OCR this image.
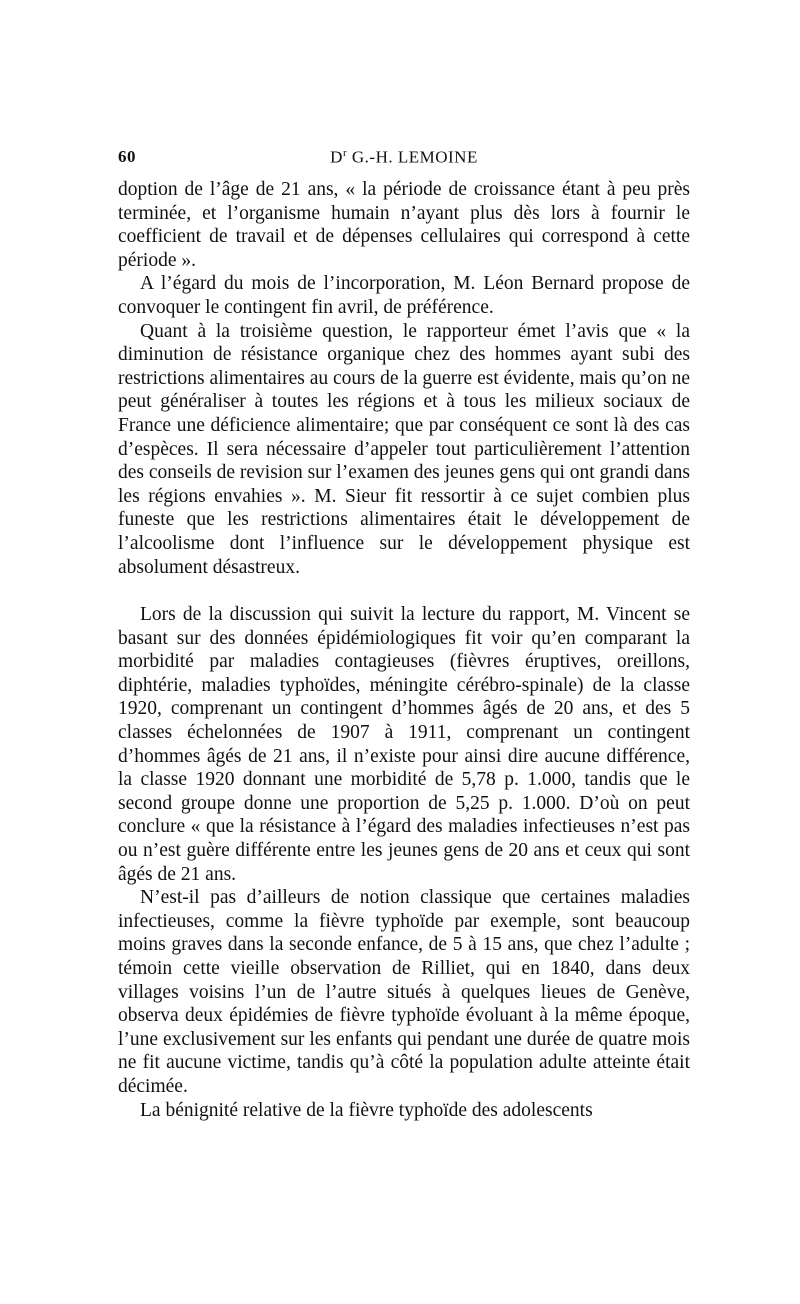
60	$D^r$ G.-H. LEMOINE

doption de l’âge de 21 ans, « la période de croissance étant à peu près terminée, et l’organisme humain n’ayant plus dès lors à fournir le coefficient de travail et de dépenses cellulaires qui correspond à cette période ».

A l’égard du mois de l’incorporation, M. Léon Bernard propose de convoquer le contingent fin avril, de préférence.

Quant à la troisième question, le rapporteur émet l’avis que « la diminution de résistance organique chez des hommes ayant subi des restrictions alimentaires au cours de la guerre est évidente, mais qu’on ne peut généraliser à toutes les régions et à tous les milieux sociaux de France une déficience alimentaire; que par conséquent ce sont là des cas d’espèces. Il sera nécessaire d’appeler tout particulièrement l’attention des conseils de revision sur l’examen des jeunes gens qui ont grandi dans les régions envahies ». M. Sieur fit ressortir à ce sujet combien plus funeste que les restrictions alimentaires était le développement de l’alcoolisme dont l’influence sur le développement physique est absolument désastreux.

Lors de la discussion qui suivit la lecture du rapport, M. Vincent se basant sur des données épidémiologiques fit voir qu’en comparant la morbidité par maladies contagieuses (fièvres éruptives, oreillons, diphtérie, maladies typhoïdes, méningite cérébro-spinale) de la classe 1920, comprenant un contingent d’hommes âgés de 20 ans, et des 5 classes échelonnées de 1907 à 1911, comprenant un contingent d’hommes âgés de 21 ans, il n’existe pour ainsi dire aucune différence, la classe 1920 donnant une morbidité de 5,78 p. 1.000, tandis que le second groupe donne une proportion de 5,25 p. 1.000. D’où on peut conclure « que la résistance à l’égard des maladies infectieuses n’est pas ou n’est guère différente entre les jeunes gens de 20 ans et ceux qui sont âgés de 21 ans.

N’est-il pas d’ailleurs de notion classique que certaines maladies infectieuses, comme la fièvre typhoïde par exemple, sont beaucoup moins graves dans la seconde enfance, de 5 à 15 ans, que chez l’adulte ; témoin cette vieille observation de Rilliet, qui en 1840, dans deux villages voisins l’un de l’autre situés à quelques lieues de Genève, observa deux épidémies de fièvre typhoïde évoluant à la même époque, l’une exclusivement sur les enfants qui pendant une durée de quatre mois ne fit aucune victime, tandis qu’à côté la population adulte atteinte était décimée.

La bénignité relative de la fièvre typhoïde des adolescents
